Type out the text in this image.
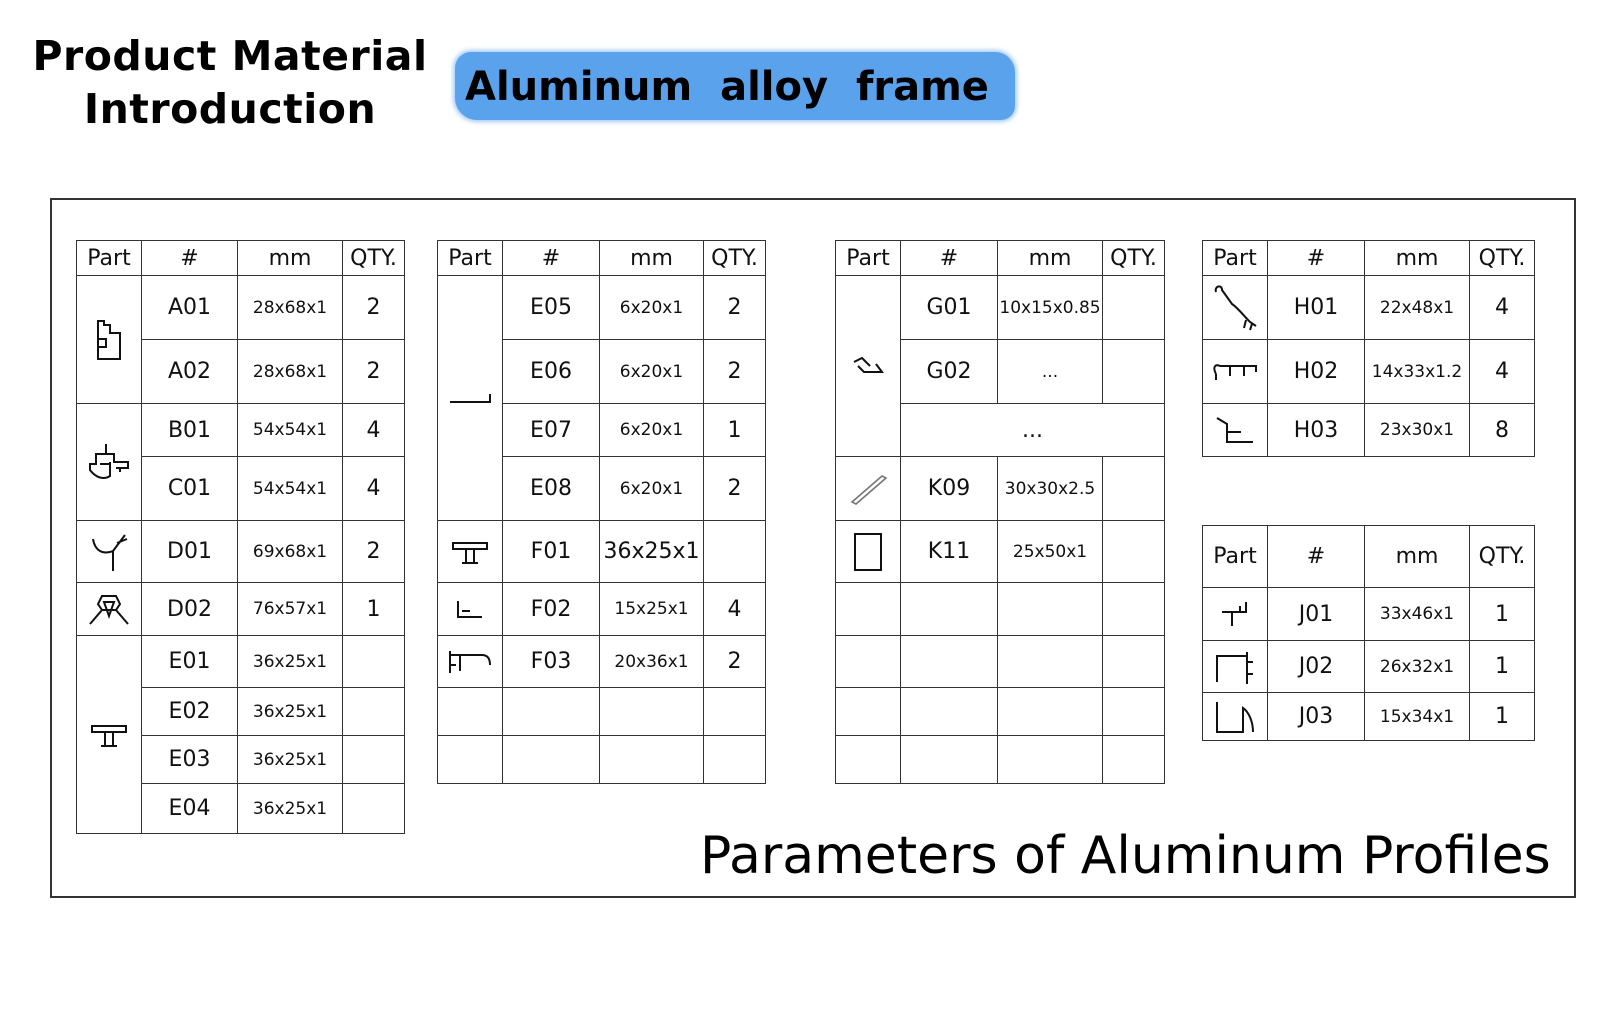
Product Material
Introduction	Aluminum alloy frame
Part	#	mm	QTY.

	A01	28x68x1	2
	A02	28x68x1	2

	B01	54x54x1	4
	C01	54x54x1	4

	D01	69x68x1	2

	D02	76x57x1	1

	E01	36x25x1	
	E02	36x25x1	
	E03	36x25x1	
	E04	36x25x1	
Part	#	mm	QTY.

	E05	6x20x1	2
	E06	6x20x1	2
	E07	6x20x1	1
	E08	6x20x1	2

	F01	36x25x1	

	F02	15x25x1	4

	F03	20x36x1	2

Part	#	mm	QTY.

	G01	10x15x0.85	
	G02	...	
	...		

	K09	30x30x2.5	

	K11	25x50x1	

Part	#	mm	QTY.

	H01	22x48x1	4

	H02	14x33x1.2	4

	H03	23x30x1	8
Part	#	mm	QTY.

	J01	33x46x1	1

	J02	26x32x1	1

	J03	15x34x1	1
Parameters of Aluminum Profiles
